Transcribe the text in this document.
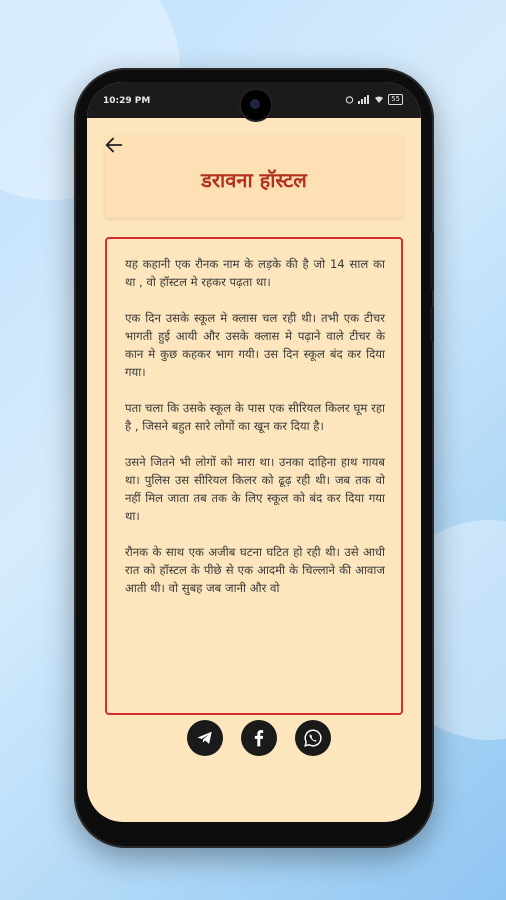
10:29 PM	55
डरावना हॉस्टल

यह कहानी एक रौनक नाम के लड़के की है जो 14 साल का था , वो हॉस्टल मे रहकर पढ़ता था।

एक दिन उसके स्कूल मे क्लास चल रही थी। तभी एक टीचर भागती हुई आयी और उसके क्लास मे पढ़ाने वाले टीचर के कान मे कुछ कहकर भाग गयी। उस दिन स्कूल बंद कर दिया गया।

पता चला कि उसके स्कूल के पास एक सीरियल किलर घूम रहा है , जिसने बहुत सारे लोगों का खून कर दिया है।

उसने जितने भी लोगों को मारा था। उनका दाहिना हाथ गायब था। पुलिस उस सीरियल किलर को ढूढ़ रही थी। जब तक वो नहीं मिल जाता तब तक के लिए स्कूल को बंद कर दिया गया था।

रौनक के साथ एक अजीब घटना घटित हो रही थी। उसे आधी रात को हॉस्टल के पीछे से एक आदमी के चिल्लाने की आवाज आती थी। वो सुबह जब जानी और वो
